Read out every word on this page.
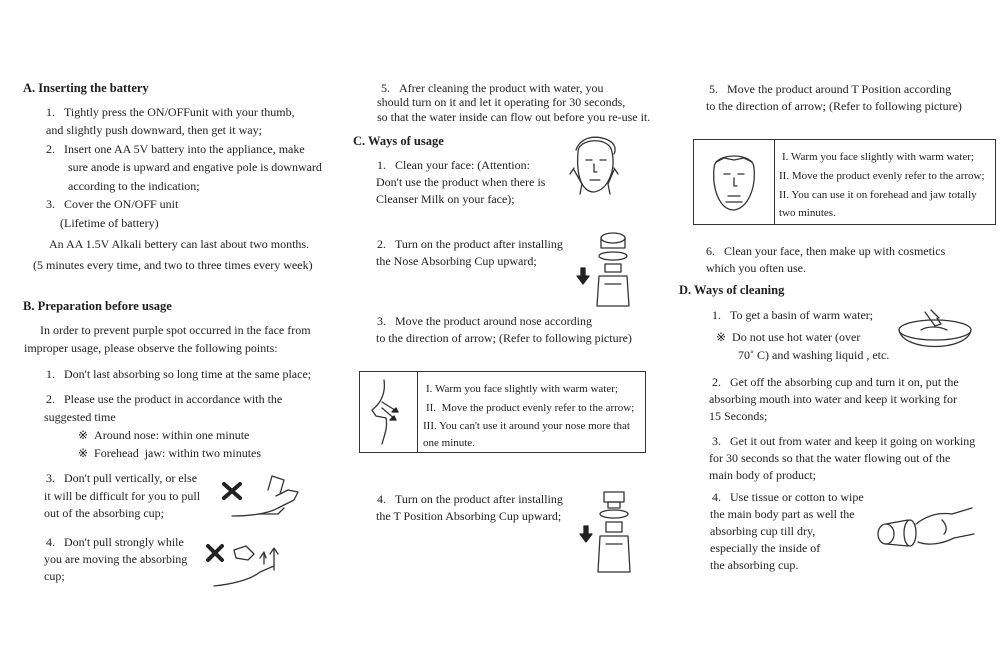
A. Inserting the battery
1.   Tightly press the ON/OFFunit with your thumb,
and slightly push downward, then get it way;
2.   Insert one AA 5V battery into the appliance, make
sure anode is upward and engative pole is downward
according to the indication;
3.   Cover the ON/OFF unit
(Lifetime of battery)
An AA 1.5V Alkali bettery can last about two months.
(5 minutes every time, and two to three times every week)
B. Preparation before usage
In order to prevent purple spot occurred in the face from
improper usage, please observe the following points:
1.   Don't last absorbing so long time at the same place;
2.   Please use the product in accordance with the
suggested time
※  Around nose: within one minute
※  Forehead  jaw: within two minutes
3.   Don't pull vertically, or else
it will be difficult for you to pull
out of the absorbing cup;
4.   Don't pull strongly while
you are moving the absorbing
cup;
5.   Afrer cleaning the product with water, you
should turn on it and let it operating for 30 seconds,
so that the water inside can flow out before you re-use it.
C. Ways of usage
1.   Clean your face: (Attention:
Don't use the product when there is
Cleanser Milk on your face);
2.   Turn on the product after installing
the Nose Absorbing Cup upward;
3.   Move the product around nose according
to the direction of arrow; (Refer to following picture)
I. Warm you face slightly with warm water;
II.  Move the product evenly refer to the arrow;
III. You can't use it around your nose more that
one minute.
4.   Turn on the product after installing
the T Position Absorbing Cup upward;
5.   Move the product around T Position according
to the direction of arrow; (Refer to following picture)
I. Warm you face slightly with warm water;
II. Move the product evenly refer to the arrow;
II. You can use it on forehead and jaw totally
two minutes.
6.   Clean your face, then make up with cosmetics
which you often use.
D. Ways of cleaning
1.   To get a basin of warm water;
※  Do not use hot water (over
70˚ C) and washing liquid , etc.
2.   Get off the absorbing cup and turn it on, put the
absorbing mouth into water and keep it working for
15 Seconds;
3.   Get it out from water and keep it going on working
for 30 seconds so that the water flowing out of the
main body of product;
4.   Use tissue or cotton to wipe
the main body part as well the
absorbing cup till dry,
especially the inside of
the absorbing cup.
